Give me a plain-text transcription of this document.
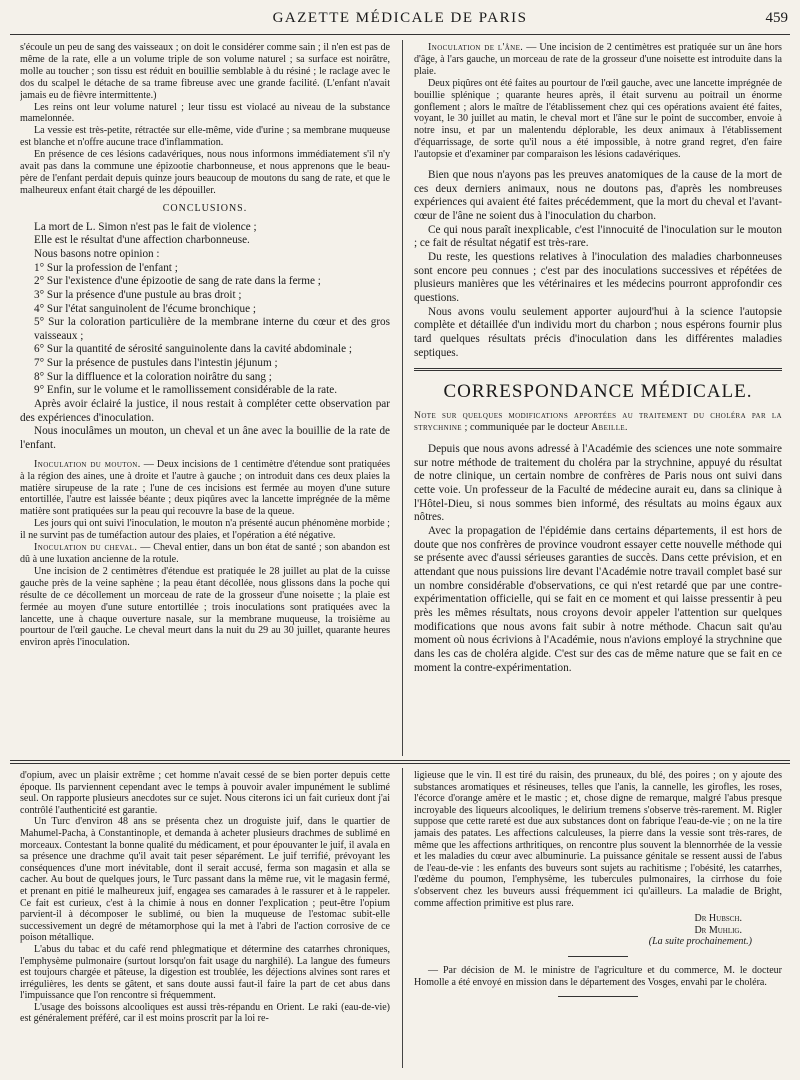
GAZETTE MÉDICALE DE PARIS	459

s'écoule un peu de sang des vaisseaux ; on doit le considérer comme sain ; il n'en est pas de même de la rate, elle a un volume triple de son volume naturel ; sa surface est noirâtre, molle au toucher ; son tissu est réduit en bouillie semblable à du résiné ; le raclage avec le dos du scalpel le détache de sa trame fibreuse avec une grande facilité. (L'enfant n'avait jamais eu de fièvre intermittente.)

Les reins ont leur volume naturel ; leur tissu est violacé au niveau de la substance mamelonnée.

La vessie est très-petite, rétractée sur elle-même, vide d'urine ; sa membrane muqueuse est blanche et n'offre aucune trace d'inflammation.

En présence de ces lésions cadavériques, nous nous informons immédiatement s'il n'y avait pas dans la commune une épizootie charbonneuse, et nous apprenons que le beau-père de l'enfant perdait depuis quinze jours beaucoup de moutons du sang de rate, et que le malheureux enfant était chargé de les dépouiller.

CONCLUSIONS.

La mort de L. Simon n'est pas le fait de violence ;

Elle est le résultat d'une affection charbonneuse.

Nous basons notre opinion :

1° Sur la profession de l'enfant ;

2° Sur l'existence d'une épizootie de sang de rate dans la ferme ;

3° Sur la présence d'une pustule au bras droit ;

4° Sur l'état sanguinolent de l'écume bronchique ;

5° Sur la coloration particulière de la membrane interne du cœur et des gros vaisseaux ;

6° Sur la quantité de sérosité sanguinolente dans la cavité abdominale ;

7° Sur la présence de pustules dans l'intestin jéjunum ;

8° Sur la diffluence et la coloration noirâtre du sang ;

9° Enfin, sur le volume et le ramollissement considérable de la rate.

Après avoir éclairé la justice, il nous restait à compléter cette observation par des expériences d'inoculation.

Nous inoculâmes un mouton, un cheval et un âne avec la bouillie de la rate de l'enfant.

Inoculation du mouton. — Deux incisions de 1 centimètre d'étendue sont pratiquées à la région des aines, une à droite et l'autre à gauche ; on introduit dans ces deux plaies la matière sirupeuse de la rate ; l'une de ces incisions est fermée au moyen d'une suture entortillée, l'autre est laissée béante ; deux piqûres avec la lancette imprégnée de la même matière sont pratiquées sur la peau qui recouvre la base de la queue.

Les jours qui ont suivi l'inoculation, le mouton n'a présenté aucun phénomène morbide ; il ne survint pas de tuméfaction autour des plaies, et l'opération a été négative.

Inoculation du cheval. — Cheval entier, dans un bon état de santé ; son abandon est dû à une luxation ancienne de la rotule.

Une incision de 2 centimètres d'étendue est pratiquée le 28 juillet au plat de la cuisse gauche près de la veine saphène ; la peau étant décollée, nous glissons dans la poche qui résulte de ce décollement un morceau de rate de la grosseur d'une noisette ; la plaie est fermée au moyen d'une suture entortillée ; trois inoculations sont pratiquées avec la lancette, une à chaque ouverture nasale, sur la membrane muqueuse, la troisième au pourtour de l'œil gauche. Le cheval meurt dans la nuit du 29 au 30 juillet, quarante heures environ après l'inoculation.

Inoculation de l'âne. — Une incision de 2 centimètres est pratiquée sur un âne hors d'âge, à l'ars gauche, un morceau de rate de la grosseur d'une noisette est introduite dans la plaie.

Deux piqûres ont été faites au pourtour de l'œil gauche, avec une lancette imprégnée de bouillie splénique ; quarante heures après, il était survenu au poitrail un énorme gonflement ; alors le maître de l'établissement chez qui ces opérations avaient été faites, voyant, le 30 juillet au matin, le cheval mort et l'âne sur le point de succomber, envoie à notre insu, et par un malentendu déplorable, les deux animaux à l'établissement d'équarrissage, de sorte qu'il nous a été impossible, à notre grand regret, d'en faire l'autopsie et d'examiner par comparaison les lésions cadavériques.

Bien que nous n'ayons pas les preuves anatomiques de la cause de la mort de ces deux derniers animaux, nous ne doutons pas, d'après les nombreuses expériences qui avaient été faites précédemment, que la mort du cheval et l'avant-cœur de l'âne ne soient dus à l'inoculation du charbon.

Ce qui nous paraît inexplicable, c'est l'innocuité de l'inoculation sur le mouton ; ce fait de résultat négatif est très-rare.

Du reste, les questions relatives à l'inoculation des maladies charbonneuses sont encore peu connues ; c'est par des inoculations successives et répétées de plusieurs manières que les vétérinaires et les médecins pourront approfondir ces questions.

Nous avons voulu seulement apporter aujourd'hui à la science l'autopsie complète et détaillée d'un individu mort du charbon ; nous espérons fournir plus tard quelques résultats précis d'inoculation dans les différentes maladies septiques.

CORRESPONDANCE MÉDICALE.
Note sur quelques modifications apportées au traitement du choléra par la strychnine ; communiquée par le docteur Abeille.

Depuis que nous avons adressé à l'Académie des sciences une note sommaire sur notre méthode de traitement du choléra par la strychnine, appuyé du résultat de notre clinique, un certain nombre de confrères de Paris nous ont suivi dans cette voie. Un professeur de la Faculté de médecine aurait eu, dans sa clinique à l'Hôtel-Dieu, si nous sommes bien informé, des résultats au moins égaux aux nôtres.

Avec la propagation de l'épidémie dans certains départements, il est hors de doute que nos confrères de province voudront essayer cette nouvelle méthode qui se présente avec d'aussi sérieuses garanties de succès. Dans cette prévision, et en attendant que nous puissions lire devant l'Académie notre travail complet basé sur un nombre considérable d'observations, ce qui n'est retardé que par une contre-expérimentation officielle, qui se fait en ce moment et qui laisse pressentir à peu près les mêmes résultats, nous croyons devoir appeler l'attention sur quelques modifications que nous avons fait subir à notre méthode. Chacun sait qu'au moment où nous écrivions à l'Académie, nous n'avions employé la strychnine que dans les cas de choléra algide. C'est sur des cas de même nature que se fait en ce moment la contre-expérimentation.

d'opium, avec un plaisir extrême ; cet homme n'avait cessé de se bien porter depuis cette époque. Ils parviennent cependant avec le temps à pouvoir avaler impunément le sublimé seul. On rapporte plusieurs anecdotes sur ce sujet. Nous citerons ici un fait curieux dont j'ai contrôlé l'authenticité est garantie.

Un Turc d'environ 48 ans se présenta chez un droguiste juif, dans le quartier de Mahumel-Pacha, à Constantinople, et demanda à acheter plusieurs drachmes de sublimé en morceaux. Contestant la bonne qualité du médicament, et pour épouvanter le juif, il avala en sa présence une drachme qu'il avait tait peser séparément. Le juif terrifié, prévoyant les conséquences d'une mort inévitable, dont il serait accusé, ferma son magasin et alla se cacher. Au bout de quelques jours, le Turc passant dans la même rue, vit le magasin fermé, et prenant en pitié le malheureux juif, engagea ses camarades à le rassurer et à le rappeler. Ce fait est curieux, c'est à la chimie à nous en donner l'explication ; peut-être l'opium parvient-il à décomposer le sublimé, ou bien la muqueuse de l'estomac subit-elle successivement un degré de métamorphose qui la met à l'abri de l'action corrosive de ce poison métallique.

L'abus du tabac et du café rend phlegmatique et détermine des catarrhes chroniques, l'emphysème pulmonaire (surtout lorsqu'on fait usage du narghilé). La langue des fumeurs est toujours chargée et pâteuse, la digestion est troublée, les déjections alvines sont rares et irrégulières, les dents se gâtent, et sans doute aussi faut-il faire la part de cet abus dans l'impuissance que l'on rencontre si fréquemment.

L'usage des boissons alcooliques est aussi très-répandu en Orient. Le raki (eau-de-vie) est généralement préféré, car il est moins proscrit par la loi re-

ligieuse que le vin. Il est tiré du raisin, des pruneaux, du blé, des poires ; on y ajoute des substances aromatiques et résineuses, telles que l'anis, la cannelle, les girofles, les roses, l'écorce d'orange amère et le mastic ; et, chose digne de remarque, malgré l'abus presque incroyable des liqueurs alcooliques, le delirium tremens s'observe très-rarement. M. Rigler suppose que cette rareté est due aux substances dont on fabrique l'eau-de-vie ; on ne la tire jamais des patates. Les affections calculeuses, la pierre dans la vessie sont très-rares, de même que les affections arthritiques, on rencontre plus souvent la blennorrhée de la vessie et les maladies du cœur avec albuminurie. La puissance génitale se ressent aussi de l'abus de l'eau-de-vie : les enfants des buveurs sont sujets au rachitisme ; l'obésité, les catarrhes, l'œdème du poumon, l'emphysème, les tubercules pulmonaires, la cirrhose du foie s'observent chez les buveurs aussi fréquemment ici qu'ailleurs. La maladie de Bright, comme affection primitive est plus rare.

Dr Hubsch.

Dr Muhlig.

(La suite prochainement.)

— Par décision de M. le ministre de l'agriculture et du commerce, M. le docteur Homolle a été envoyé en mission dans le département des Vosges, envahi par le choléra.
